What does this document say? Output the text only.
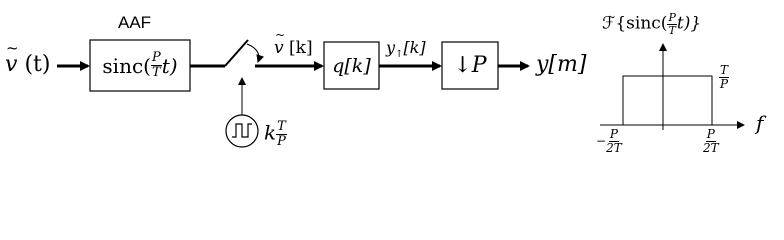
v
~
(t)
AAF
$\sin c( \frac{P}{T} t)$
v
~
[k]
k $\frac{T}{P}$
q[k]
$y_↑[k]$
↓P	y[m]
ℱ{sinc( $\frac{P}{T} t$)}
$\frac{T}{P}$
f
− $\frac{P}{2T}$	$\frac{P}{2T}$
